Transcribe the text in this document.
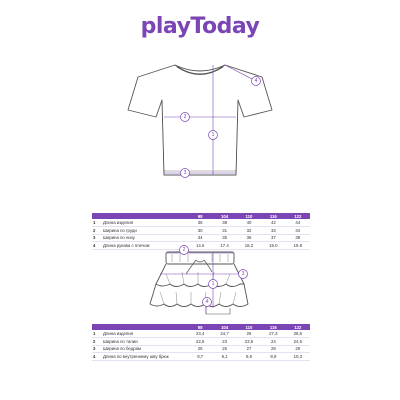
playToday
1
2
3
4
		98	104	110	116	122
1	Длина изделия	36	38	40	42	44
2	Ширина по груди	30	31	32	33	34
3	Ширина по низу	34	35	36	37	38
4	Длина рукава с плечом	14.6	17.4	18.2	19.0	19.8
1
2
3
4
		98	104	110	116	122
1	Длина изделия	23,4	24,7	26	27,3	28,6
2	Ширина по талии	22,5	23	23,5	24	24,5
3	Ширина по бедрам	25	26	27	28	29
4	Длина по внутреннему шву брюк	8,7	9,1	9,5	9,9	10,3
